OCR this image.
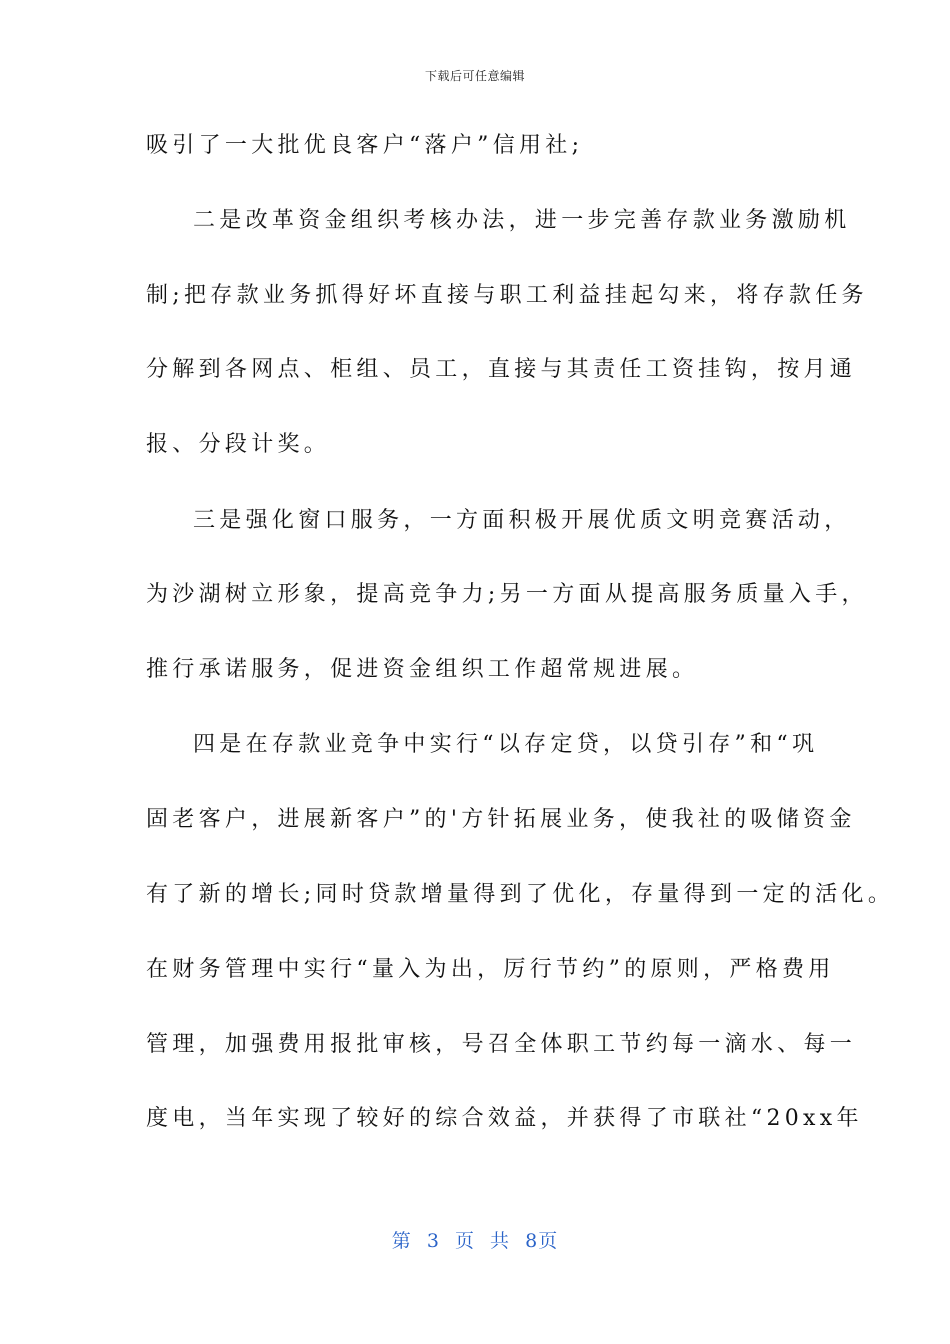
下载后可任意编辑
吸引了一大批优良客户“落户”信用社;
二是改革资金组织考核办法，进一步完善存款业务激励机
制;把存款业务抓得好坏直接与职工利益挂起勾来，将存款任务
分解到各网点、柜组、员工，直接与其责任工资挂钩，按月通
报、分段计奖。
三是强化窗口服务，一方面积极开展优质文明竞赛活动，
为沙湖树立形象，提高竞争力;另一方面从提高服务质量入手，
推行承诺服务，促进资金组织工作超常规进展。
四是在存款业竞争中实行“以存定贷，以贷引存”和“巩
固老客户，进展新客户”的'方针拓展业务，使我社的吸储资金
有了新的增长;同时贷款增量得到了优化，存量得到一定的活化。
在财务管理中实行“量入为出，厉行节约”的原则，严格费用
管理，加强费用报批审核，号召全体职工节约每一滴水、每一
度电，当年实现了较好的综合效益，并获得了市联社“20xx年
第 3 页 共 8页
